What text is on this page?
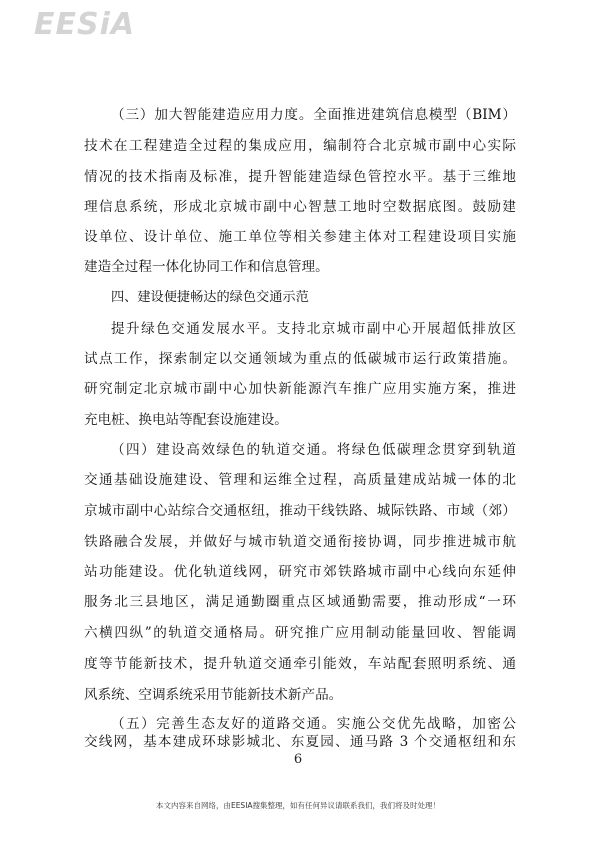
EESiA
（三）加大智能建造应用力度。全面推进建筑信息模型（BIM）
技术在工程建造全过程的集成应用，编制符合北京城市副中心实际
情况的技术指南及标准，提升智能建造绿色管控水平。基于三维地
理信息系统，形成北京城市副中心智慧工地时空数据底图。鼓励建
设单位、设计单位、施工单位等相关参建主体对工程建设项目实施
建造全过程一体化协同工作和信息管理。
四、建设便捷畅达的绿色交通示范
提升绿色交通发展水平。支持北京城市副中心开展超低排放区
试点工作，探索制定以交通领域为重点的低碳城市运行政策措施。
研究制定北京城市副中心加快新能源汽车推广应用实施方案，推进
充电桩、换电站等配套设施建设。
（四）建设高效绿色的轨道交通。将绿色低碳理念贯穿到轨道
交通基础设施建设、管理和运维全过程，高质量建成站城一体的北
京城市副中心站综合交通枢纽，推动干线铁路、城际铁路、市域（郊）
铁路融合发展，并做好与城市轨道交通衔接协调，同步推进城市航
站功能建设。优化轨道线网，研究市郊铁路城市副中心线向东延伸
服务北三县地区，满足通勤圈重点区域通勤需要，推动形成“一环
六横四纵”的轨道交通格局。研究推广应用制动能量回收、智能调
度等节能新技术，提升轨道交通牵引能效，车站配套照明系统、通
风系统、空调系统采用节能新技术新产品。
（五）完善生态友好的道路交通。实施公交优先战略，加密公
交线网，基本建成环球影城北、东夏园、通马路 3 个交通枢纽和东
6
本文内容来自网络，由EESIA搜集整理，如有任何异议请联系我们，我们将及时处理！
